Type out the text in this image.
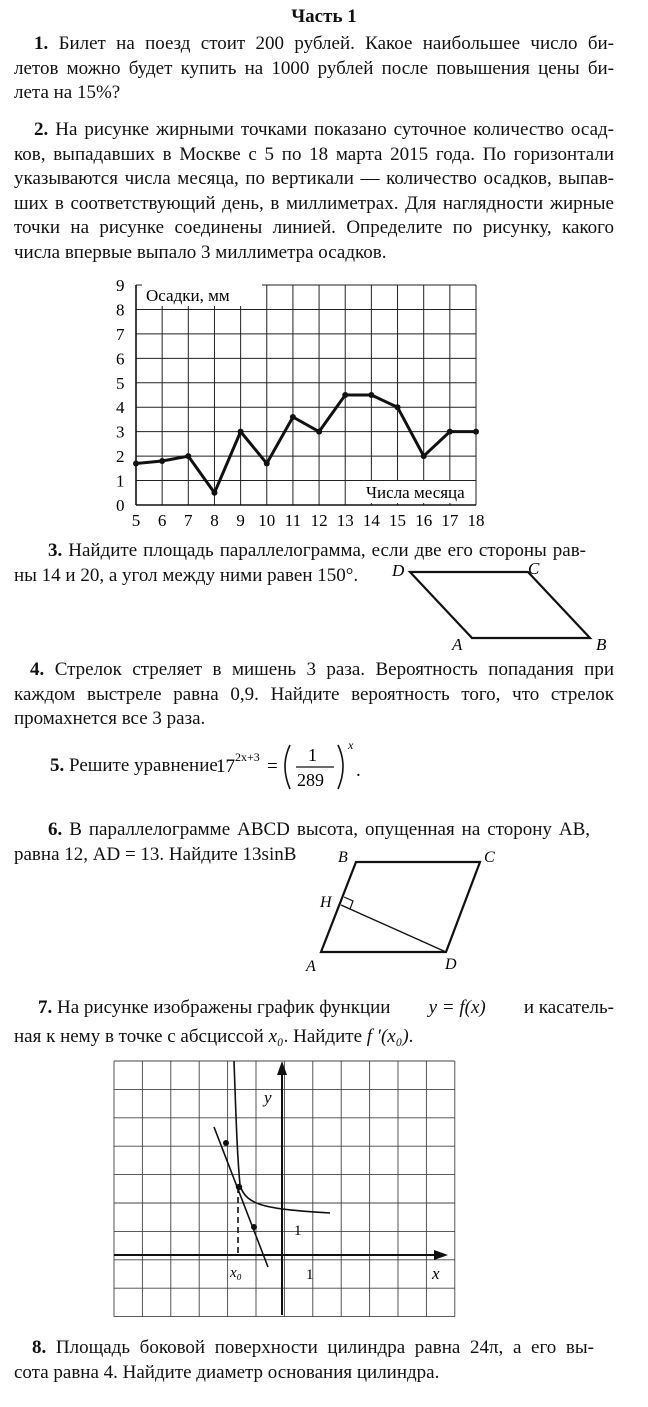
Часть 1
1. Билет на поезд стоит 200 рублей. Какое наибольшее число би-
летов можно будет купить на 1000 рублей после повышения цены би-
лета на 15%?
2. На рисунке жирными точками показано суточное количество осад-
ков, выпадавших в Москве с 5 по 18 марта 2015 года. По горизонтали
указываются числа месяца, по вертикали — количество осадков, выпав-
ших в соответствующий день, в миллиметрах. Для наглядности жирные
точки на рисунке соединены линией. Определите по рисунку, какого
числа впервые выпало 3 миллиметра осадков.
0
1
2
3
4
5
6
7
8
9
5 6 7 8 9 10 11 12 13 14 15 16 17 18
Осадки, мм
Числа месяца
3. Найдите площадь параллелограмма, если две его стороны рав-
ны 14 и 20, а угол между ними равен 150°.	D	C
A	B
4. Стрелок стреляет в мишень 3 раза. Вероятность попадания при
каждом выстреле равна 0,9. Найдите вероятность того, что стрелок
промахнется все 3 раза.
5. Решите уравнение
17 2x+3 =
1
289
x
.
6. В параллелограмме ABCD высота, опущенная на сторону AB,
равна 12, AD = 13. Найдите 13sinB	B	C
H
A	D
7. На рисунке изображены график функции y = f(x) и касатель-
ная к нему в точке с абсциссой x₀. Найдите f ′(x₀).
y
x
1
1
x₀
8. Площадь боковой поверхности цилиндра равна 24π, а его вы-
сота равна 4. Найдите диаметр основания цилиндра.
